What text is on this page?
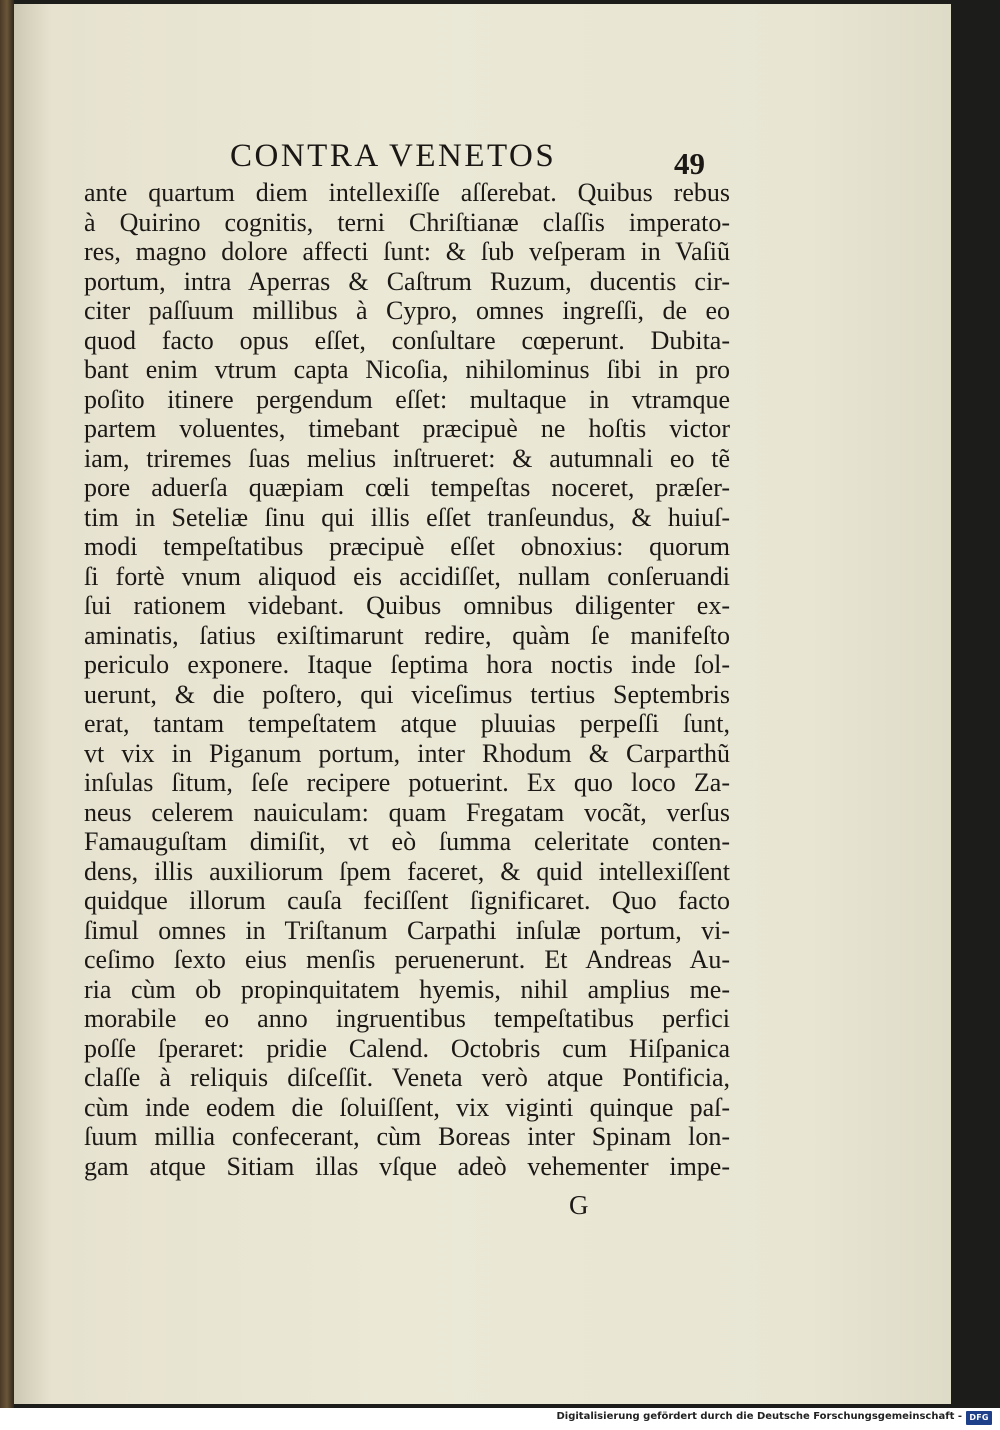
CONTRA VENETOS	49
ante quartum diem intellexiſſe aſſerebat. Quibus rebus
à Quirino cognitis, terni Chriſtianæ claſſis imperato-
res, magno dolore affecti ſunt: & ſub veſperam in Vaſiũ
portum, intra Aperras & Caſtrum Ruzum, ducentis cir-
citer paſſuum millibus à Cypro, omnes ingreſſi, de eo
quod facto opus eſſet, conſultare cœperunt. Dubita-
bant enim vtrum capta Nicoſia, nihilominus ſibi in pro
poſito itinere pergendum eſſet: multaque in vtramque
partem voluentes, timebant præcipuè ne hoſtis victor
iam, triremes ſuas melius inſtrueret: & autumnali eo tẽ
pore aduerſa quæpiam cœli tempeſtas noceret, præſer-
tim in Seteliæ ſinu qui illis eſſet tranſeundus, & huiuſ-
modi tempeſtatibus præcipuè eſſet obnoxius: quorum
ſi fortè vnum aliquod eis accidiſſet, nullam conſeruandi
ſui rationem videbant. Quibus omnibus diligenter ex-
aminatis, ſatius exiſtimarunt redire, quàm ſe manifeſto
periculo exponere. Itaque ſeptima hora noctis inde ſol-
uerunt, & die poſtero, qui viceſimus tertius Septembris
erat, tantam tempeſtatem atque pluuias perpeſſi ſunt,
vt vix in Piganum portum, inter Rhodum & Carparthũ
inſulas ſitum, ſeſe recipere potuerint. Ex quo loco Za-
neus celerem nauiculam: quam Fregatam vocãt, verſus
Famauguſtam dimiſit, vt eò ſumma celeritate conten-
dens, illis auxiliorum ſpem faceret, & quid intellexiſſent
quidque illorum cauſa feciſſent ſignificaret. Quo facto
ſimul omnes in Triſtanum Carpathi inſulæ portum, vi-
ceſimo ſexto eius menſis peruenerunt. Et Andreas Au-
ria cùm ob propinquitatem hyemis, nihil amplius me-
morabile eo anno ingruentibus tempeſtatibus perfici
poſſe ſperaret: pridie Calend. Octobris cum Hiſpanica
claſſe à reliquis diſceſſit. Veneta verò atque Pontificia,
cùm inde eodem die ſoluiſſent, vix viginti quinque paſ-
ſuum millia confecerant, cùm Boreas inter Spinam lon-
gam atque Sitiam illas vſque adeò vehementer impe-
G
Digitalisierung gefördert durch die Deutsche Forschungsgemeinschaft - DFG
